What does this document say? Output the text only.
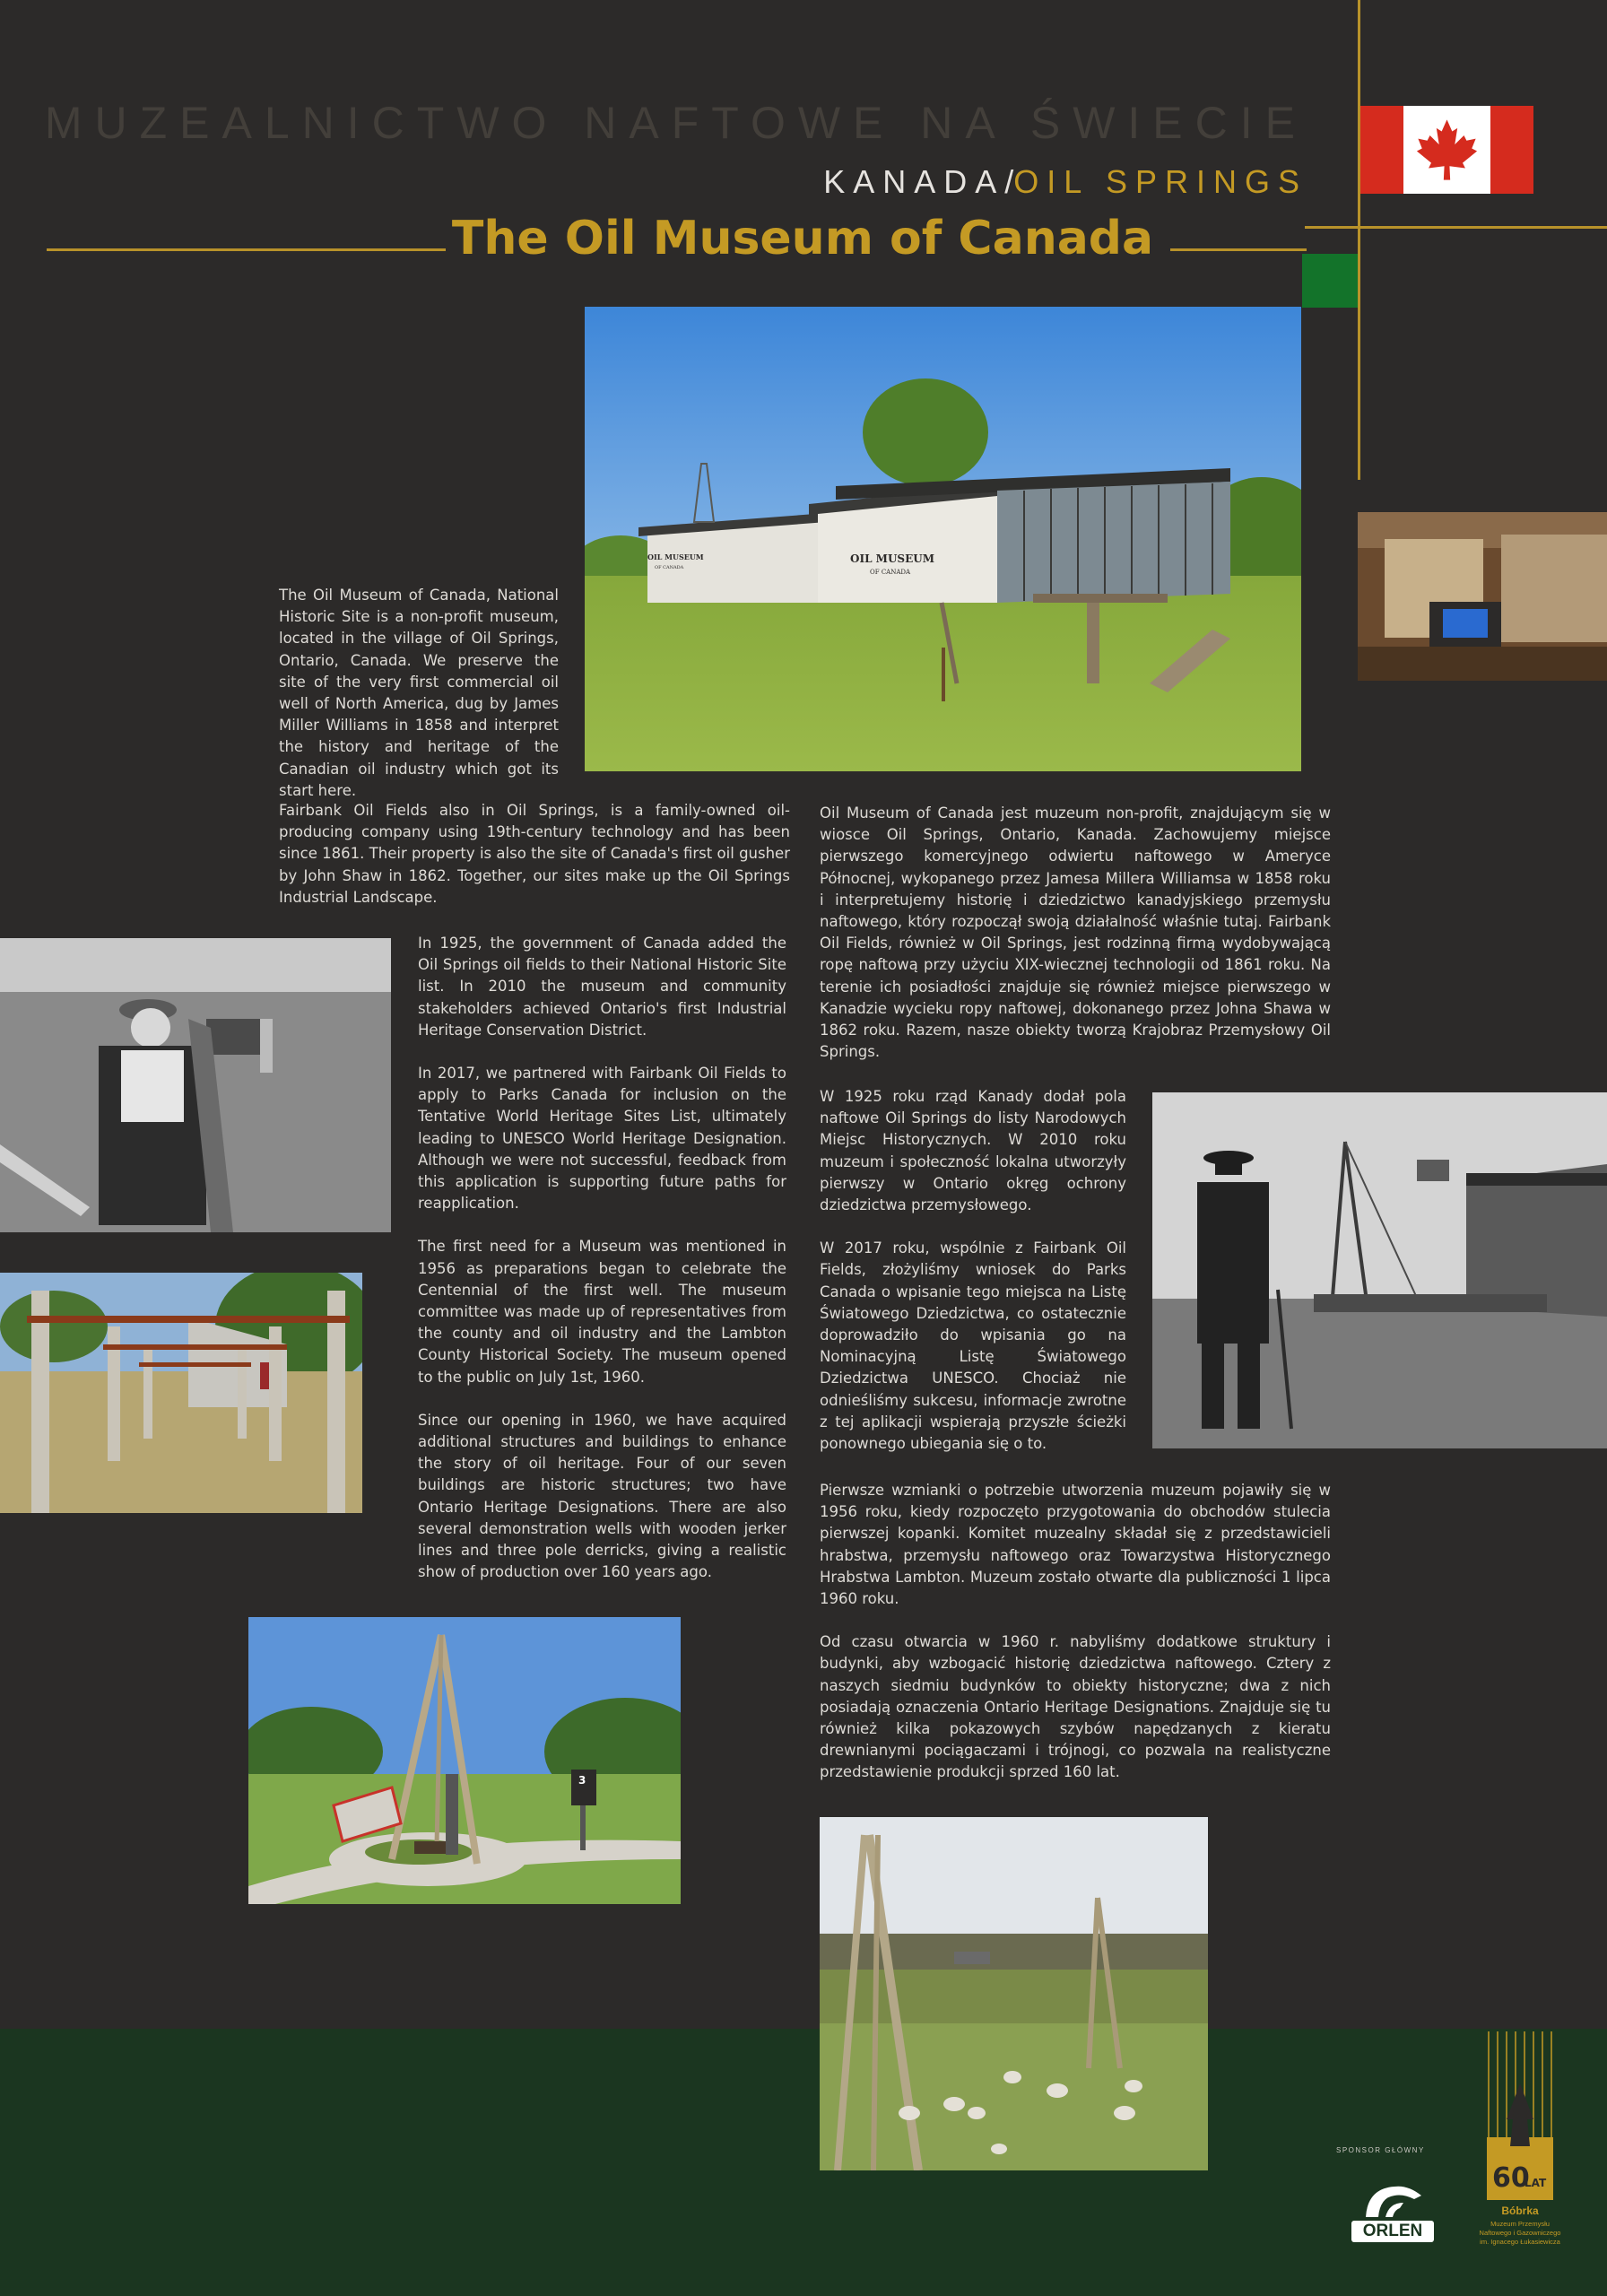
MUZEALNICTWO NAFTOWE NA ŚWIECIE
KANADA/OIL SPRINGS
The Oil Museum of Canada
OIL MUSEUM
OF CANADA
OIL MUSEUM
OF CANADA
3
The Oil Museum of Canada, National Historic Site is a non-profit museum, located in the village of Oil Springs, Ontario, Canada. We preserve the site of the very first commercial oil well of North America, dug by James Miller Williams in 1858 and interpret the history and heritage of the Canadian oil industry which got its start here.
Fairbank Oil Fields also in Oil Springs, is a family-owned oil-producing company using 19th-century technology and has been since 1861. Their property is also the site of Canada's first oil gusher by John Shaw in 1862. Together, our sites make up the Oil Springs Industrial Landscape.

In 1925, the government of Canada added the Oil Springs oil fields to their National Historic Site list. In 2010 the museum and community stakeholders achieved Ontario's first Industrial Heritage Conservation District.

In 2017, we partnered with Fairbank Oil Fields to apply to Parks Canada for inclusion on the Tentative World Heritage Sites List, ultimately leading to UNESCO World Heritage Designation. Although we were not successful, feedback from this application is supporting future paths for reapplication.

The first need for a Museum was mentioned in 1956 as preparations began to celebrate the Centennial of the first well. The museum committee was made up of representatives from the county and oil industry and the Lambton County Historical Society. The museum opened to the public on July 1st, 1960.

Since our opening in 1960, we have acquired additional structures and buildings to enhance the story of oil heritage. Four of our seven buildings are historic structures; two have Ontario Heritage Designations. There are also several demonstration wells with wooden jerker lines and three pole derricks, giving a realistic show of production over 160 years ago.

Oil Museum of Canada jest muzeum non-profit, znajdującym się w wiosce Oil Springs, Ontario, Kanada. Zachowujemy miejsce pierwszego komercyjnego odwiertu naftowego w Ameryce Północnej, wykopanego przez Jamesa Millera Williamsa w 1858 roku i interpretujemy historię i dziedzictwo kanadyjskiego przemysłu naftowego, który rozpoczął swoją działalność właśnie tutaj. Fairbank Oil Fields, również w Oil Springs, jest rodzinną firmą wydobywającą ropę naftową przy użyciu XIX-wiecznej technologii od 1861 roku. Na terenie ich posiadłości znajduje się również miejsce pierwszego w Kanadzie wycieku ropy naftowej, dokonanego przez Johna Shawa w 1862 roku. Razem, nasze obiekty tworzą Krajobraz Przemysłowy Oil Springs.

W 1925 roku rząd Kanady dodał pola naftowe Oil Springs do listy Narodowych Miejsc Historycznych. W 2010 roku muzeum i społeczność lokalna utworzyły pierwszy w Ontario okręg ochrony dziedzictwa przemysłowego.

W 2017 roku, wspólnie z Fairbank Oil Fields, złożyliśmy wniosek do Parks Canada o wpisanie tego miejsca na Listę Światowego Dziedzictwa, co ostatecznie doprowadziło do wpisania go na Nominacyjną Listę Światowego Dziedzictwa UNESCO. Chociaż nie odnieśliśmy sukcesu, informacje zwrotne z tej aplikacji wspierają przyszłe ścieżki ponownego ubiegania się o to.

Pierwsze wzmianki o potrzebie utworzenia muzeum pojawiły się w 1956 roku, kiedy rozpoczęto przygotowania do obchodów stulecia pierwszej kopanki. Komitet muzealny składał się z przedstawicieli hrabstwa, przemysłu naftowego oraz Towarzystwa Historycznego Hrabstwa Lambton. Muzeum zostało otwarte dla publiczności 1 lipca 1960 roku.

Od czasu otwarcia w 1960 r. nabyliśmy dodatkowe struktury i budynki, aby wzbogacić historię dziedzictwa naftowego. Cztery z naszych siedmiu budynków to obiekty historyczne; dwa z nich posiadają oznaczenia Ontario Heritage Designations. Znajduje się tu również kilka pokazowych szybów napędzanych z kieratu drewnianymi pociągaczami i trójnogi, co pozwala na realistyczne przedstawienie produkcji sprzed 160 lat.

SPONSOR GŁÓWNY
ORLEN
60
LAT
Bóbrka
Muzeum Przemysłu
Naftowego i Gazowniczego
im. Ignacego Łukasiewicza
